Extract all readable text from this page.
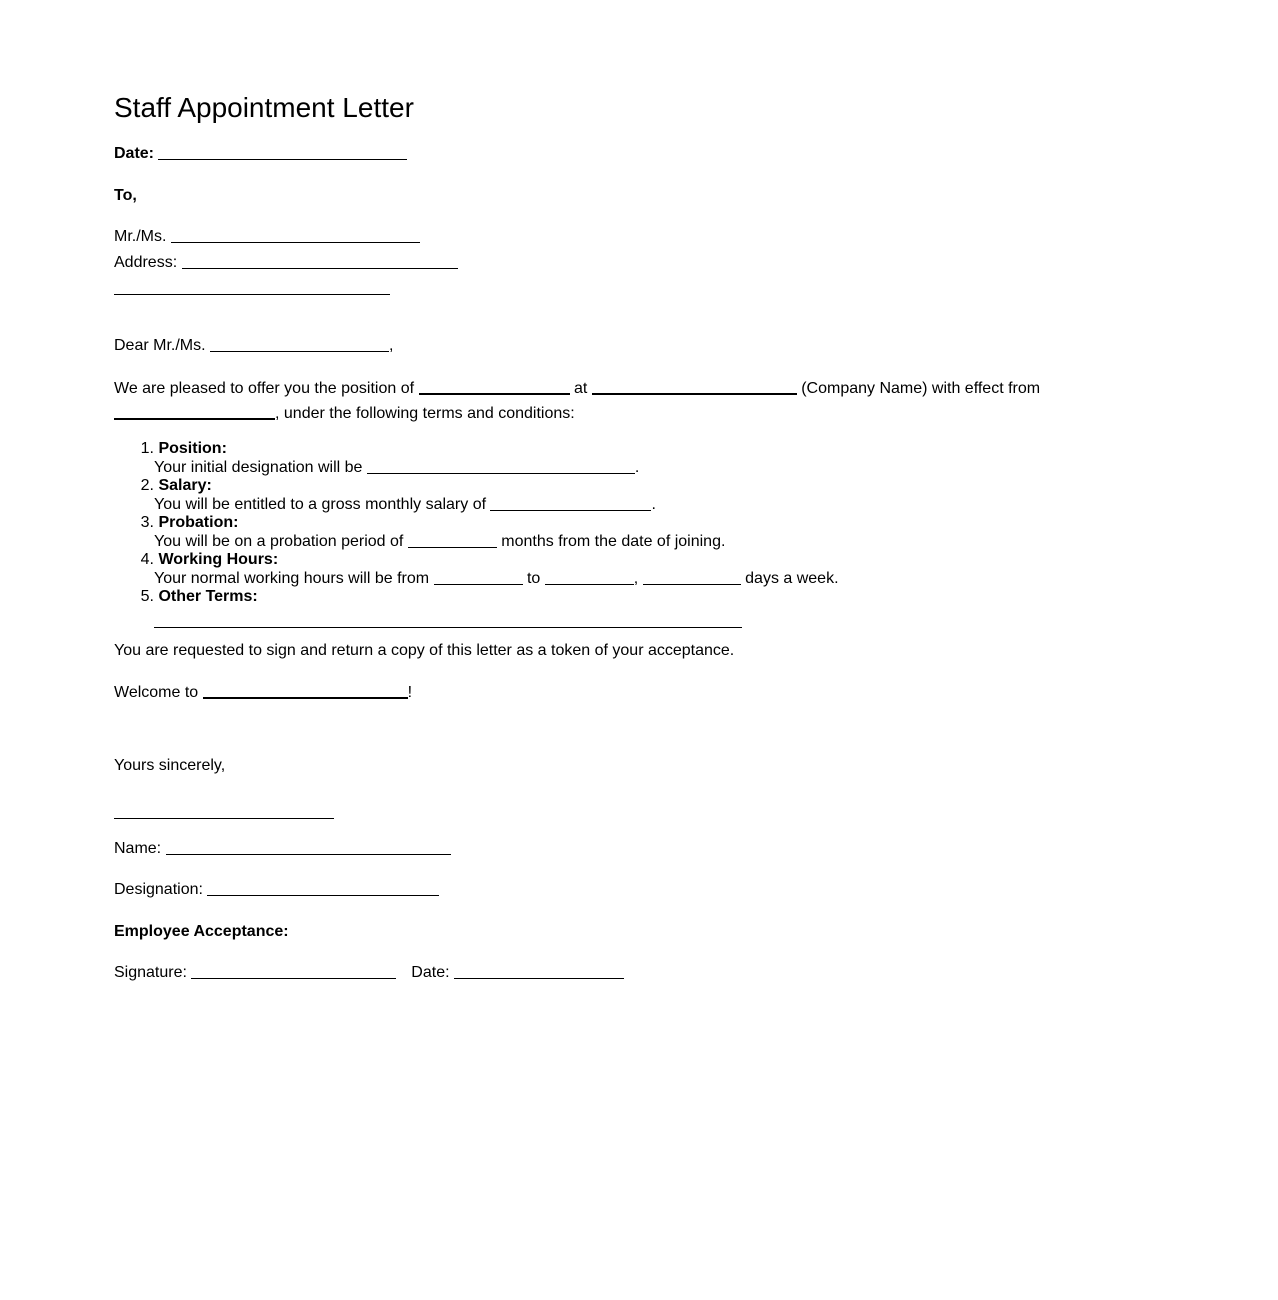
Staff Appointment Letter
Date:
To,
Mr./Ms.
Address:
Dear Mr./Ms.	,
We are pleased to offer you the position of	at	(Company Name) with effect from
, under the following terms and conditions:
1. Position:
Your initial designation will be	.
2. Salary:
You will be entitled to a gross monthly salary of	.
3. Probation:
You will be on a probation period of	months from the date of joining.
4. Working Hours:
Your normal working hours will be from	to	,	days a week.
5. Other Terms:
You are requested to sign and return a copy of this letter as a token of your acceptance.
Welcome to	!
Yours sincerely,
Name:
Designation:
Employee Acceptance:
Signature:	Date:
